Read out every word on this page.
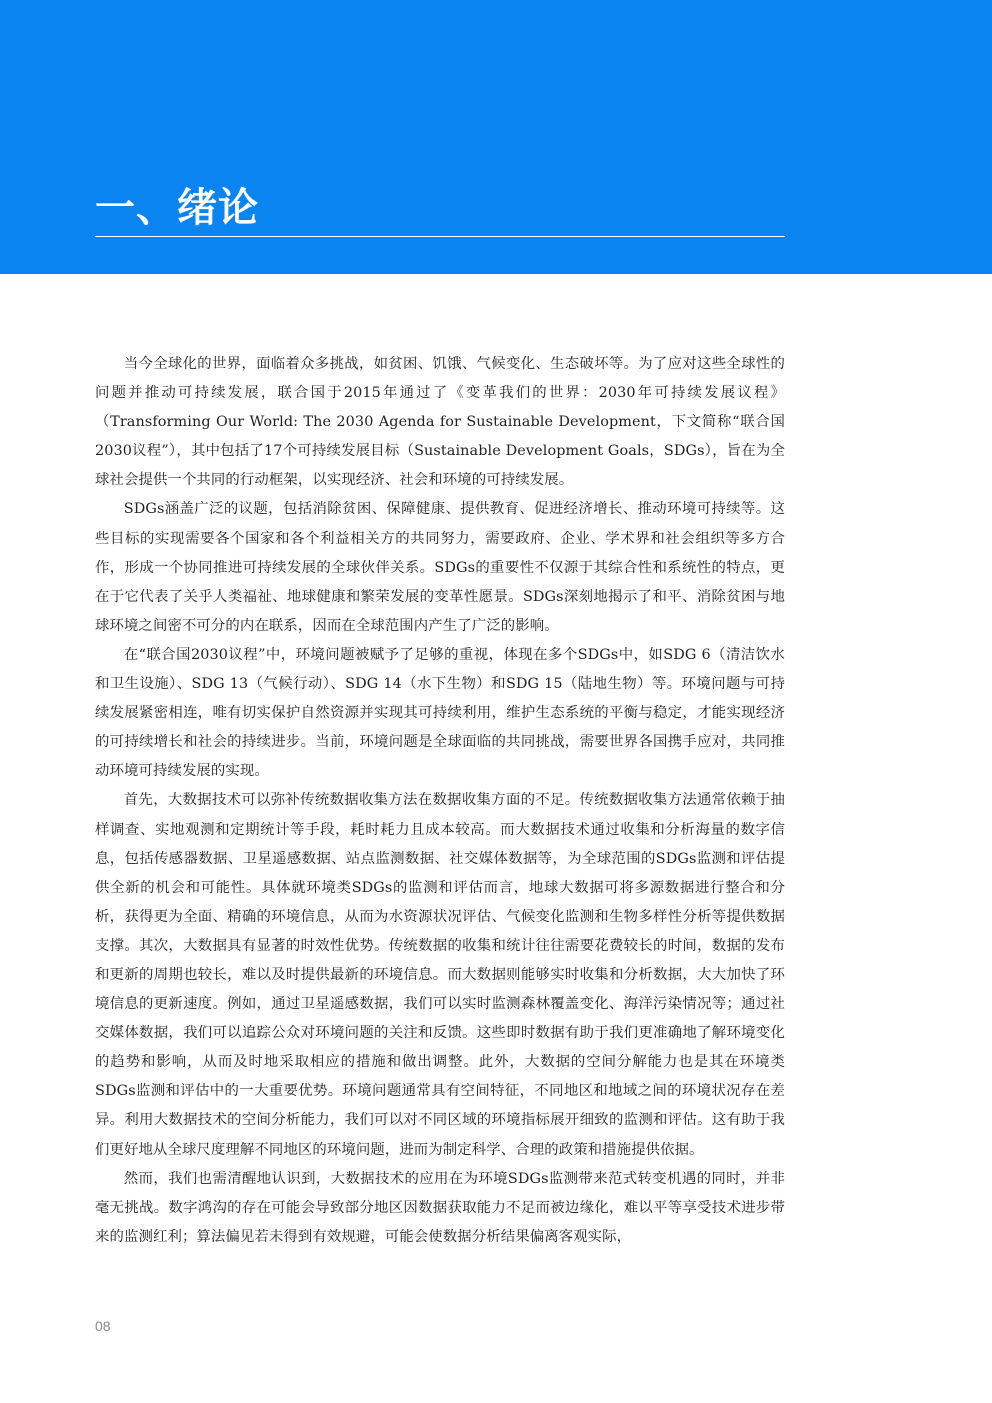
一、绪论

当今全球化的世界，面临着众多挑战，如贫困、饥饿、气候变化、生态破坏等。为了应对这些全球性的问题并推动可持续发展，联合国于2015年通过了《变革我们的世界：2030年可持续发展议程》（Transforming Our World: The 2030 Agenda for Sustainable Development，下文简称“联合国2030议程”），其中包括了17个可持续发展目标（Sustainable Development Goals，SDGs），旨在为全球社会提供一个共同的行动框架，以实现经济、社会和环境的可持续发展。

SDGs涵盖广泛的议题，包括消除贫困、保障健康、提供教育、促进经济增长、推动环境可持续等。这些目标的实现需要各个国家和各个利益相关方的共同努力，需要政府、企业、学术界和社会组织等多方合作，形成一个协同推进可持续发展的全球伙伴关系。SDGs的重要性不仅源于其综合性和系统性的特点，更在于它代表了关乎人类福祉、地球健康和繁荣发展的变革性愿景。SDGs深刻地揭示了和平、消除贫困与地球环境之间密不可分的内在联系，因而在全球范围内产生了广泛的影响。

在“联合国2030议程”中，环境问题被赋予了足够的重视，体现在多个SDGs中，如SDG 6（清洁饮水和卫生设施）、SDG 13（气候行动）、SDG 14（水下生物）和SDG 15（陆地生物）等。环境问题与可持续发展紧密相连，唯有切实保护自然资源并实现其可持续利用，维护生态系统的平衡与稳定，才能实现经济的可持续增长和社会的持续进步。当前，环境问题是全球面临的共同挑战，需要世界各国携手应对，共同推动环境可持续发展的实现。

首先，大数据技术可以弥补传统数据收集方法在数据收集方面的不足。传统数据收集方法通常依赖于抽样调查、实地观测和定期统计等手段，耗时耗力且成本较高。而大数据技术通过收集和分析海量的数字信息，包括传感器数据、卫星遥感数据、站点监测数据、社交媒体数据等，为全球范围的SDGs监测和评估提供全新的机会和可能性。具体就环境类SDGs的监测和评估而言，地球大数据可将多源数据进行整合和分析，获得更为全面、精确的环境信息，从而为水资源状况评估、气候变化监测和生物多样性分析等提供数据支撑。其次，大数据具有显著的时效性优势。传统数据的收集和统计往往需要花费较长的时间，数据的发布和更新的周期也较长，难以及时提供最新的环境信息。而大数据则能够实时收集和分析数据，大大加快了环境信息的更新速度。例如，通过卫星遥感数据，我们可以实时监测森林覆盖变化、海洋污染情况等；通过社交媒体数据，我们可以追踪公众对环境问题的关注和反馈。这些即时数据有助于我们更准确地了解环境变化的趋势和影响，从而及时地采取相应的措施和做出调整。此外，大数据的空间分解能力也是其在环境类SDGs监测和评估中的一大重要优势。环境问题通常具有空间特征，不同地区和地域之间的环境状况存在差异。利用大数据技术的空间分析能力，我们可以对不同区域的环境指标展开细致的监测和评估。这有助于我们更好地从全球尺度理解不同地区的环境问题，进而为制定科学、合理的政策和措施提供依据。

然而，我们也需清醒地认识到，大数据技术的应用在为环境SDGs监测带来范式转变机遇的同时，并非毫无挑战。数字鸿沟的存在可能会导致部分地区因数据获取能力不足而被边缘化，难以平等享受技术进步带来的监测红利；算法偏见若未得到有效规避，可能会使数据分析结果偏离客观实际，

08
